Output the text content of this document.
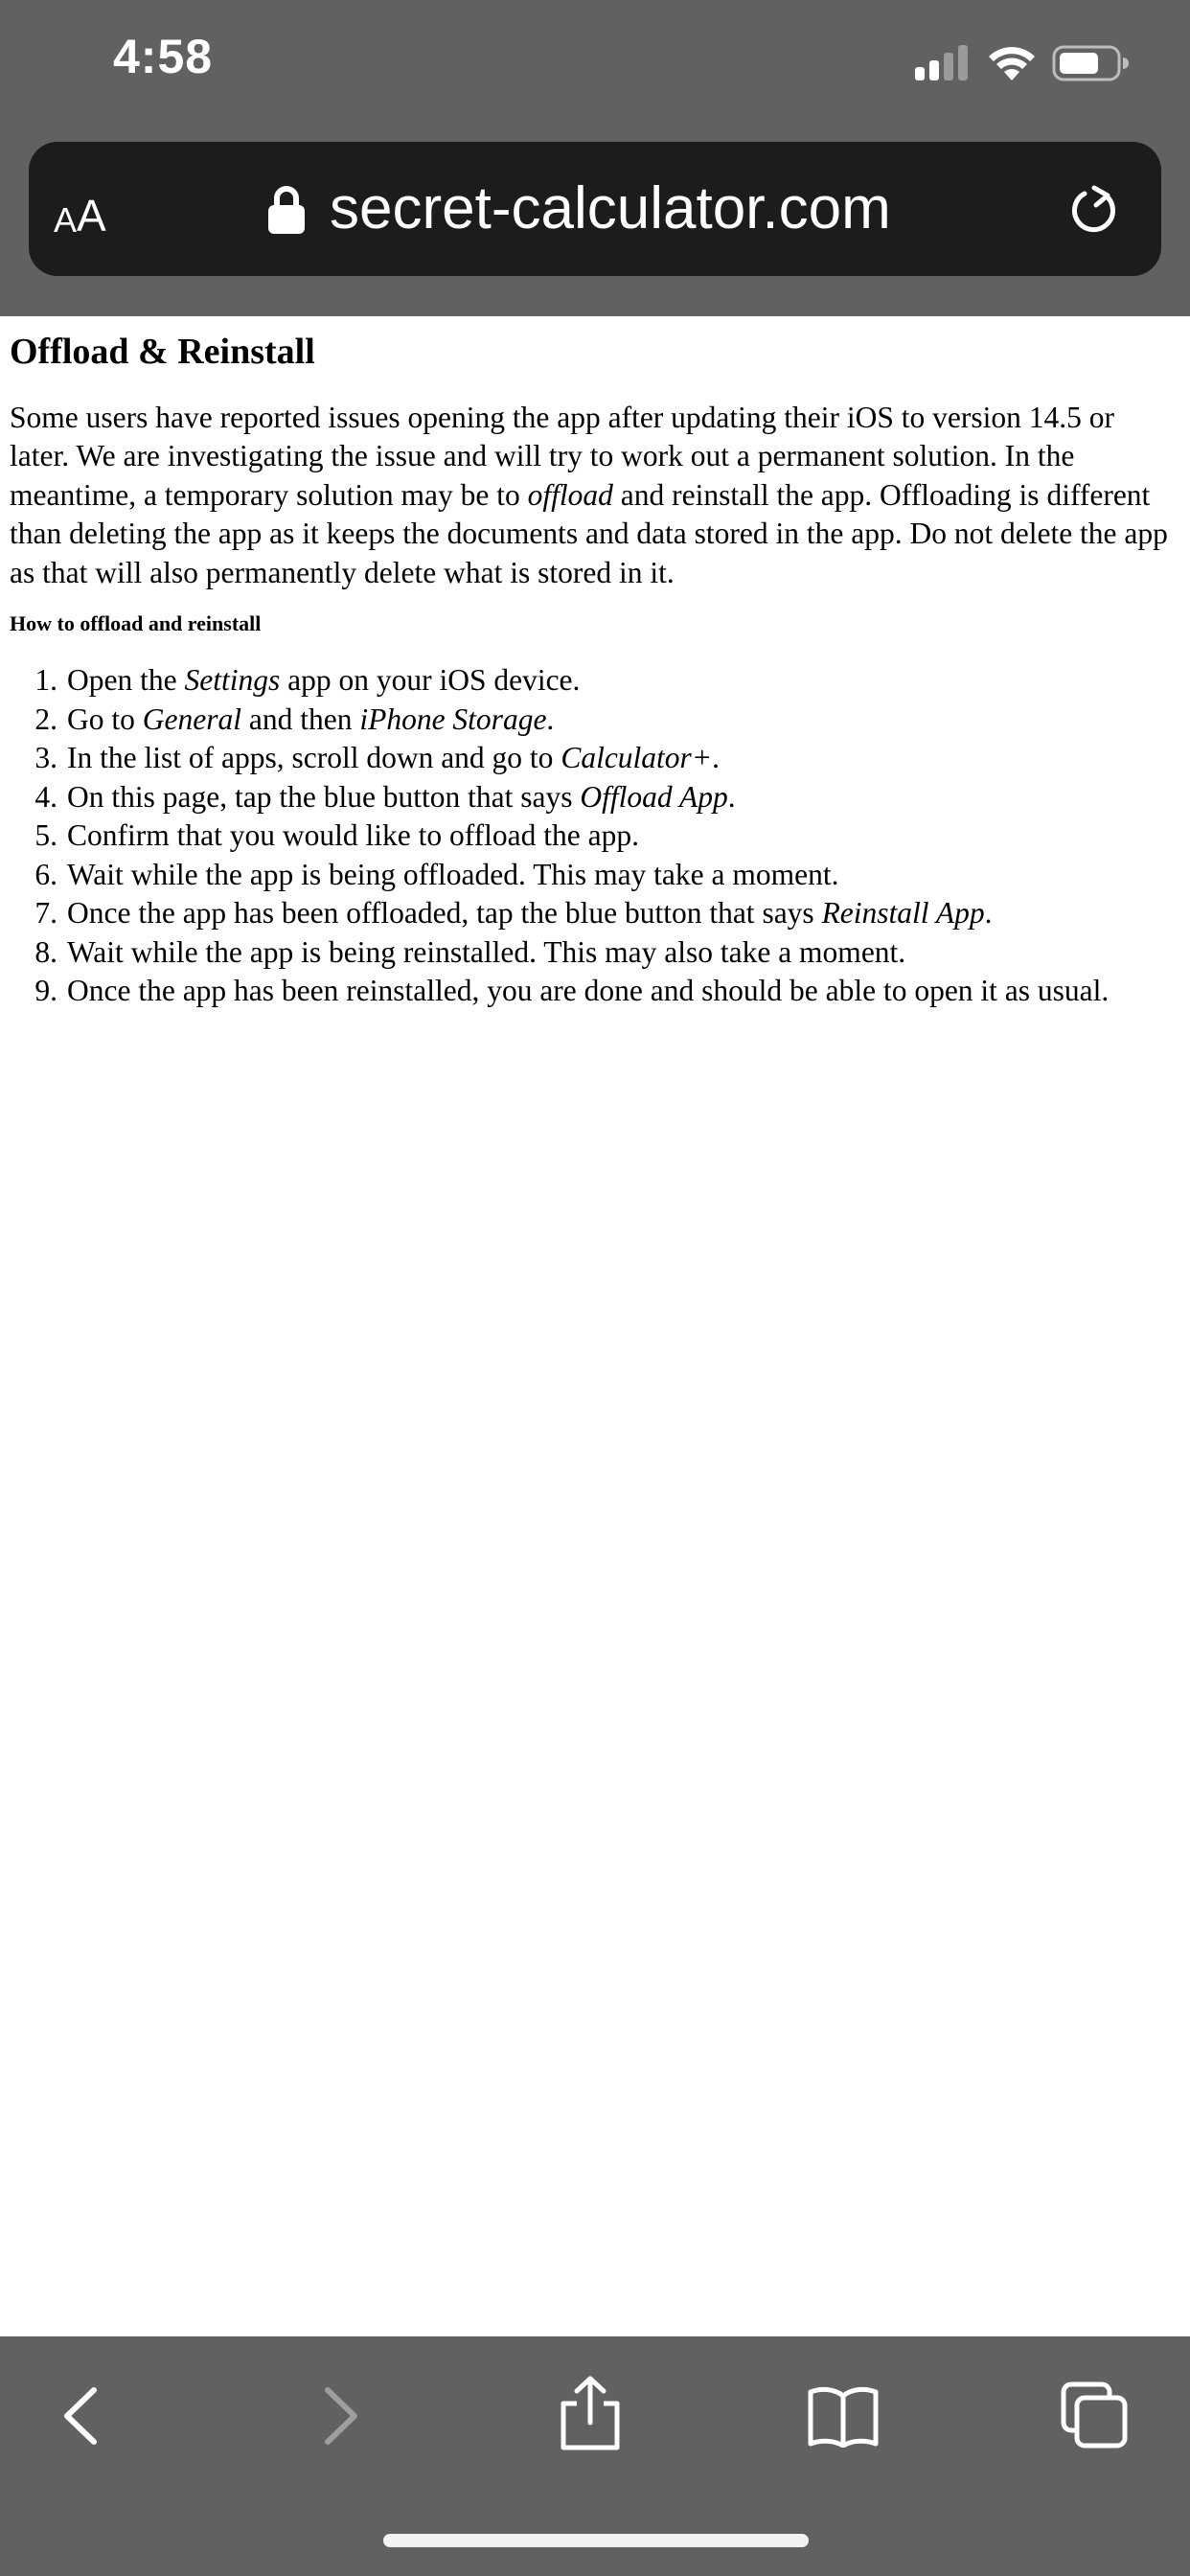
4:58
A A	secret-calculator.com
Offload & Reinstall

Some users have reported issues opening the app after updating their iOS to version 14.5 or later. We are investigating the issue and will try to work out a permanent solution. In the meantime, a temporary solution may be to offload and reinstall the app. Offloading is different than deleting the app as it keeps the documents and data stored in the app. Do not delete the app as that will also permanently delete what is stored in it.

How to offload and reinstall
1. Open the Settings app on your iOS device.
2. Go to General and then iPhone Storage.
3. In the list of apps, scroll down and go to Calculator+.
4. On this page, tap the blue button that says Offload App.
5. Confirm that you would like to offload the app.
6. Wait while the app is being offloaded. This may take a moment.
7. Once the app has been offloaded, tap the blue button that says Reinstall App.
8. Wait while the app is being reinstalled. This may also take a moment.
9. Once the app has been reinstalled, you are done and should be able to open it as usual.
